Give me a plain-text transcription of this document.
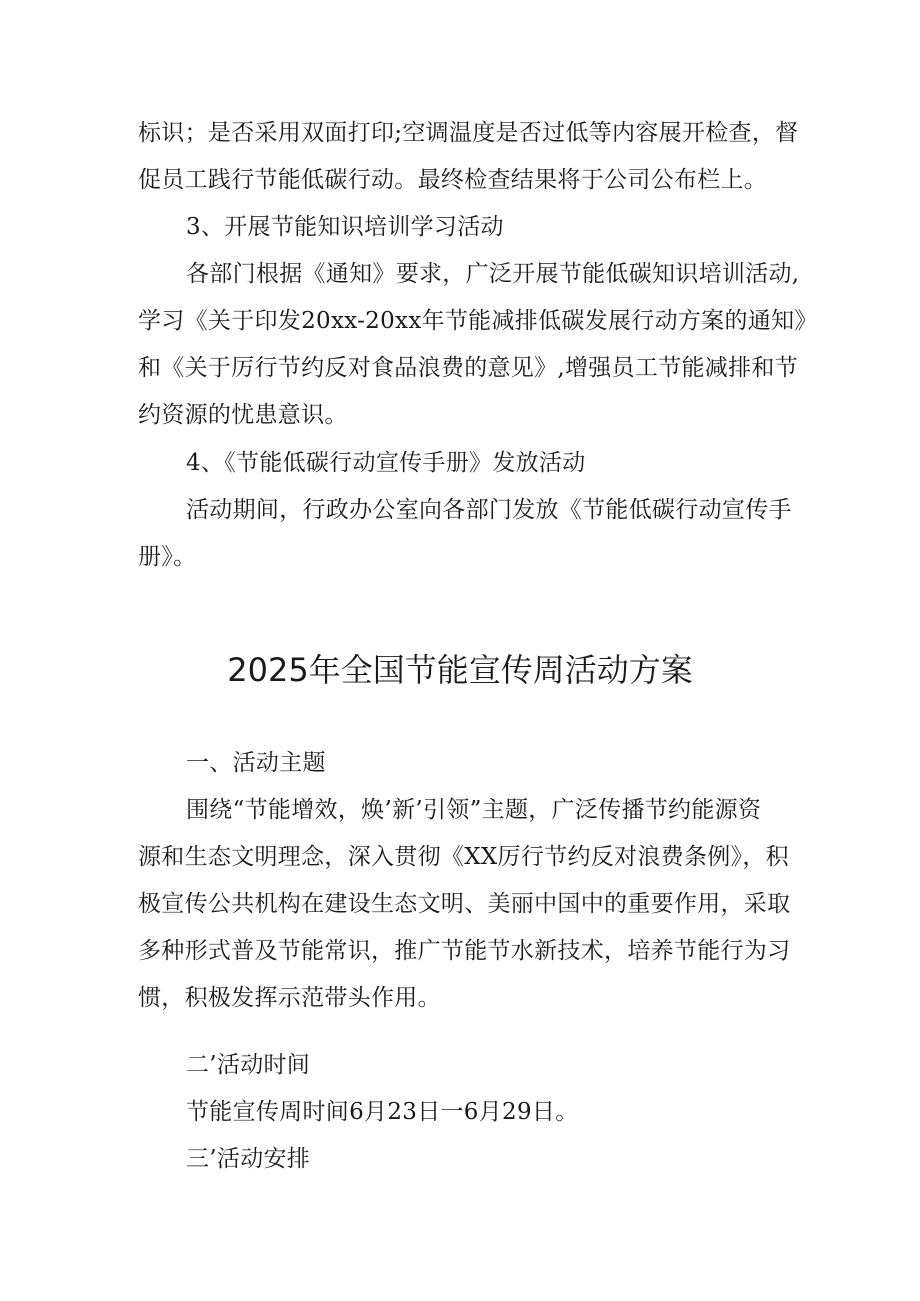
标识；是否采用双面打印;空调温度是否过低等内容展开检查，督
促员工践行节能低碳行动。最终检查结果将于公司公布栏上。
3、开展节能知识培训学习活动
各部门根据《通知》要求，广泛开展节能低碳知识培训活动,
学习《关于印发20xx-20xx年节能减排低碳发展行动方案的通知》
和《关于厉行节约反对食品浪费的意见》,增强员工节能减排和节
约资源的忧患意识。
4、《节能低碳行动宣传手册》发放活动
活动期间，行政办公室向各部门发放《节能低碳行动宣传手
册》。
2025年全国节能宣传周活动方案
一、活动主题
围绕“节能增效，焕’新’引领”主题，广泛传播节约能源资
源和生态文明理念，深入贯彻《XX厉行节约反对浪费条例》，积
极宣传公共机构在建设生态文明、美丽中国中的重要作用，采取
多种形式普及节能常识，推广节能节水新技术，培养节能行为习
惯，积极发挥示范带头作用。
二’活动时间
节能宣传周时间6月23日一6月29日。
三’活动安排
